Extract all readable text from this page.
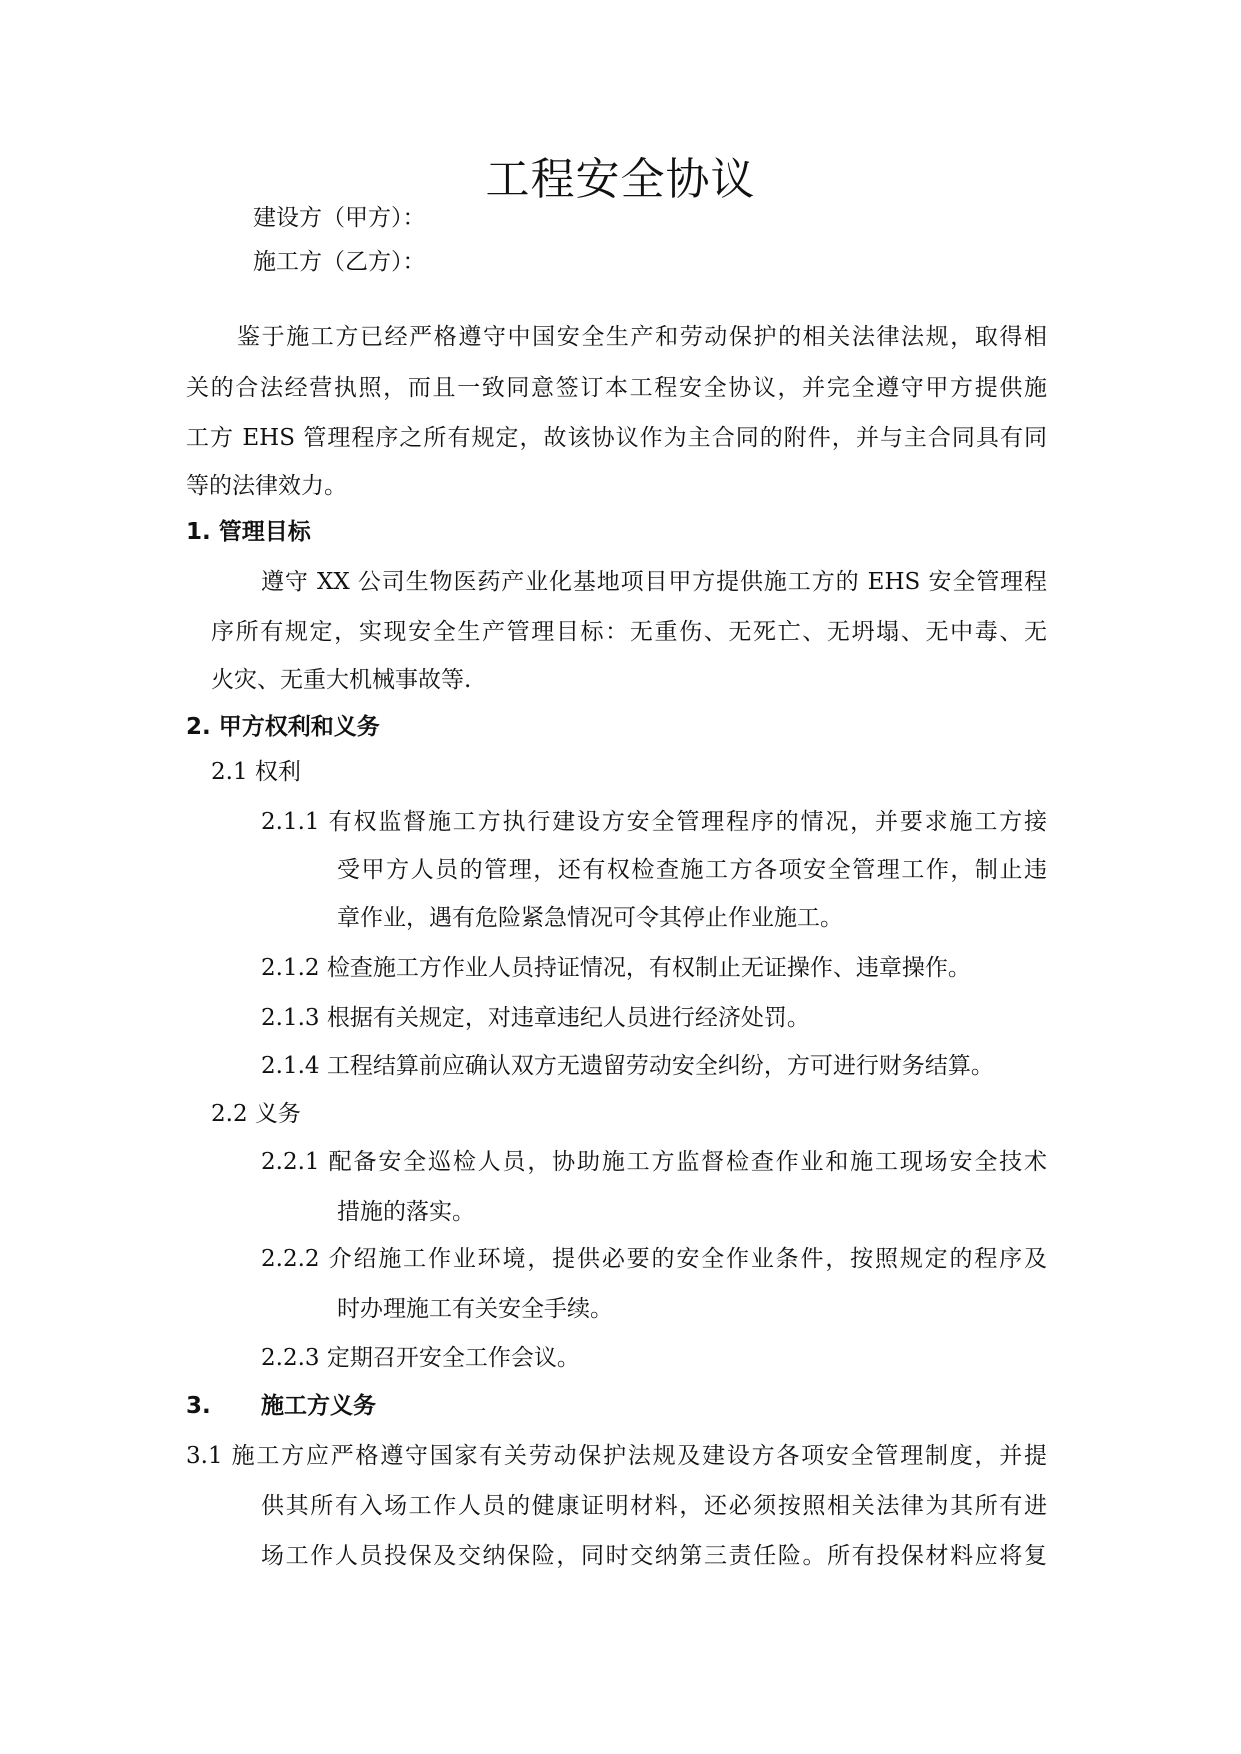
工程安全协议
建设方（甲方）：
施工方（乙方）：
鉴于施工方已经严格遵守中国安全生产和劳动保护的相关法律法规，取得相
关的合法经营执照，而且一致同意签订本工程安全协议，并完全遵守甲方提供施
工方 EHS 管理程序之所有规定，故该协议作为主合同的附件，并与主合同具有同
等的法律效力。
1. 管理目标
遵守 XX 公司生物医药产业化基地项目甲方提供施工方的 EHS 安全管理程
序所有规定，实现安全生产管理目标：无重伤、无死亡、无坍塌、无中毒、无
火灾、无重大机械事故等.
2. 甲方权利和义务
2.1 权利
2.1.1 有权监督施工方执行建设方安全管理程序的情况，并要求施工方接
受甲方人员的管理，还有权检查施工方各项安全管理工作，制止违
章作业，遇有危险紧急情况可令其停止作业施工。
2.1.2 检查施工方作业人员持证情况，有权制止无证操作、违章操作。
2.1.3 根据有关规定，对违章违纪人员进行经济处罚。
2.1.4 工程结算前应确认双方无遗留劳动安全纠纷，方可进行财务结算。
2.2 义务
2.2.1 配备安全巡检人员，协助施工方监督检查作业和施工现场安全技术
措施的落实。
2.2.2 介绍施工作业环境，提供必要的安全作业条件，按照规定的程序及
时办理施工有关安全手续。
2.2.3 定期召开安全工作会议。
3. 施工方义务
3.1 施工方应严格遵守国家有关劳动保护法规及建设方各项安全管理制度，并提
供其所有入场工作人员的健康证明材料，还必须按照相关法律为其所有进
场工作人员投保及交纳保险，同时交纳第三责任险。所有投保材料应将复
